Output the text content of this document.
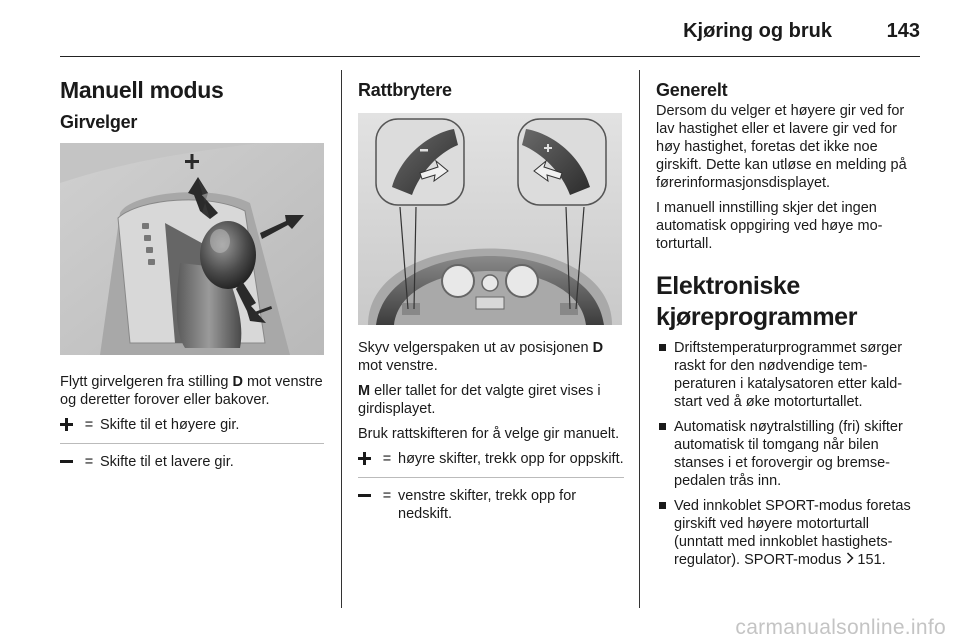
Kjøring og bruk	143
Manuell modus
Girvelger

Flytt girvelgeren fra stilling D mot venstre og deretter forover eller bakover.

= Skifte til et høyere gir.
= Skifte til et lavere gir.
Rattbrytere

Skyv velgerspaken ut av posisjonen D mot venstre.

M eller tallet for det valgte giret vises i girdisplayet.

Bruk rattskifteren for å velge gir manuelt.

= høyre skifter, trekk opp for oppskift.
= venstre skifter, trekk opp for nedskift.
Generelt

Dersom du velger et høyere gir ved for lav hastighet eller et lavere gir ved for høy hastighet, foretas det ikke noe girskift. Dette kan utløse en melding på førerinformasjonsdisplayet.

I manuell innstilling skjer det ingen automatisk oppgiring ved høye motorturtall.

Elektroniske
kjøreprogrammer
Driftstemperaturprogrammet sørger raskt for den nødvendige temperaturen i katalysatoren etter kaldstart ved å øke motorturtallet.
Automatisk nøytralstilling (fri) skifter automatisk til tomgang når bilen stanses i et forovergir og bremsepedalen trås inn.
Ved innkoblet SPORT-modus foretas girskift ved høyere motorturtall (unntatt med innkoblet hastighetsregulator). SPORT-modus 151.
carmanualsonline.info
